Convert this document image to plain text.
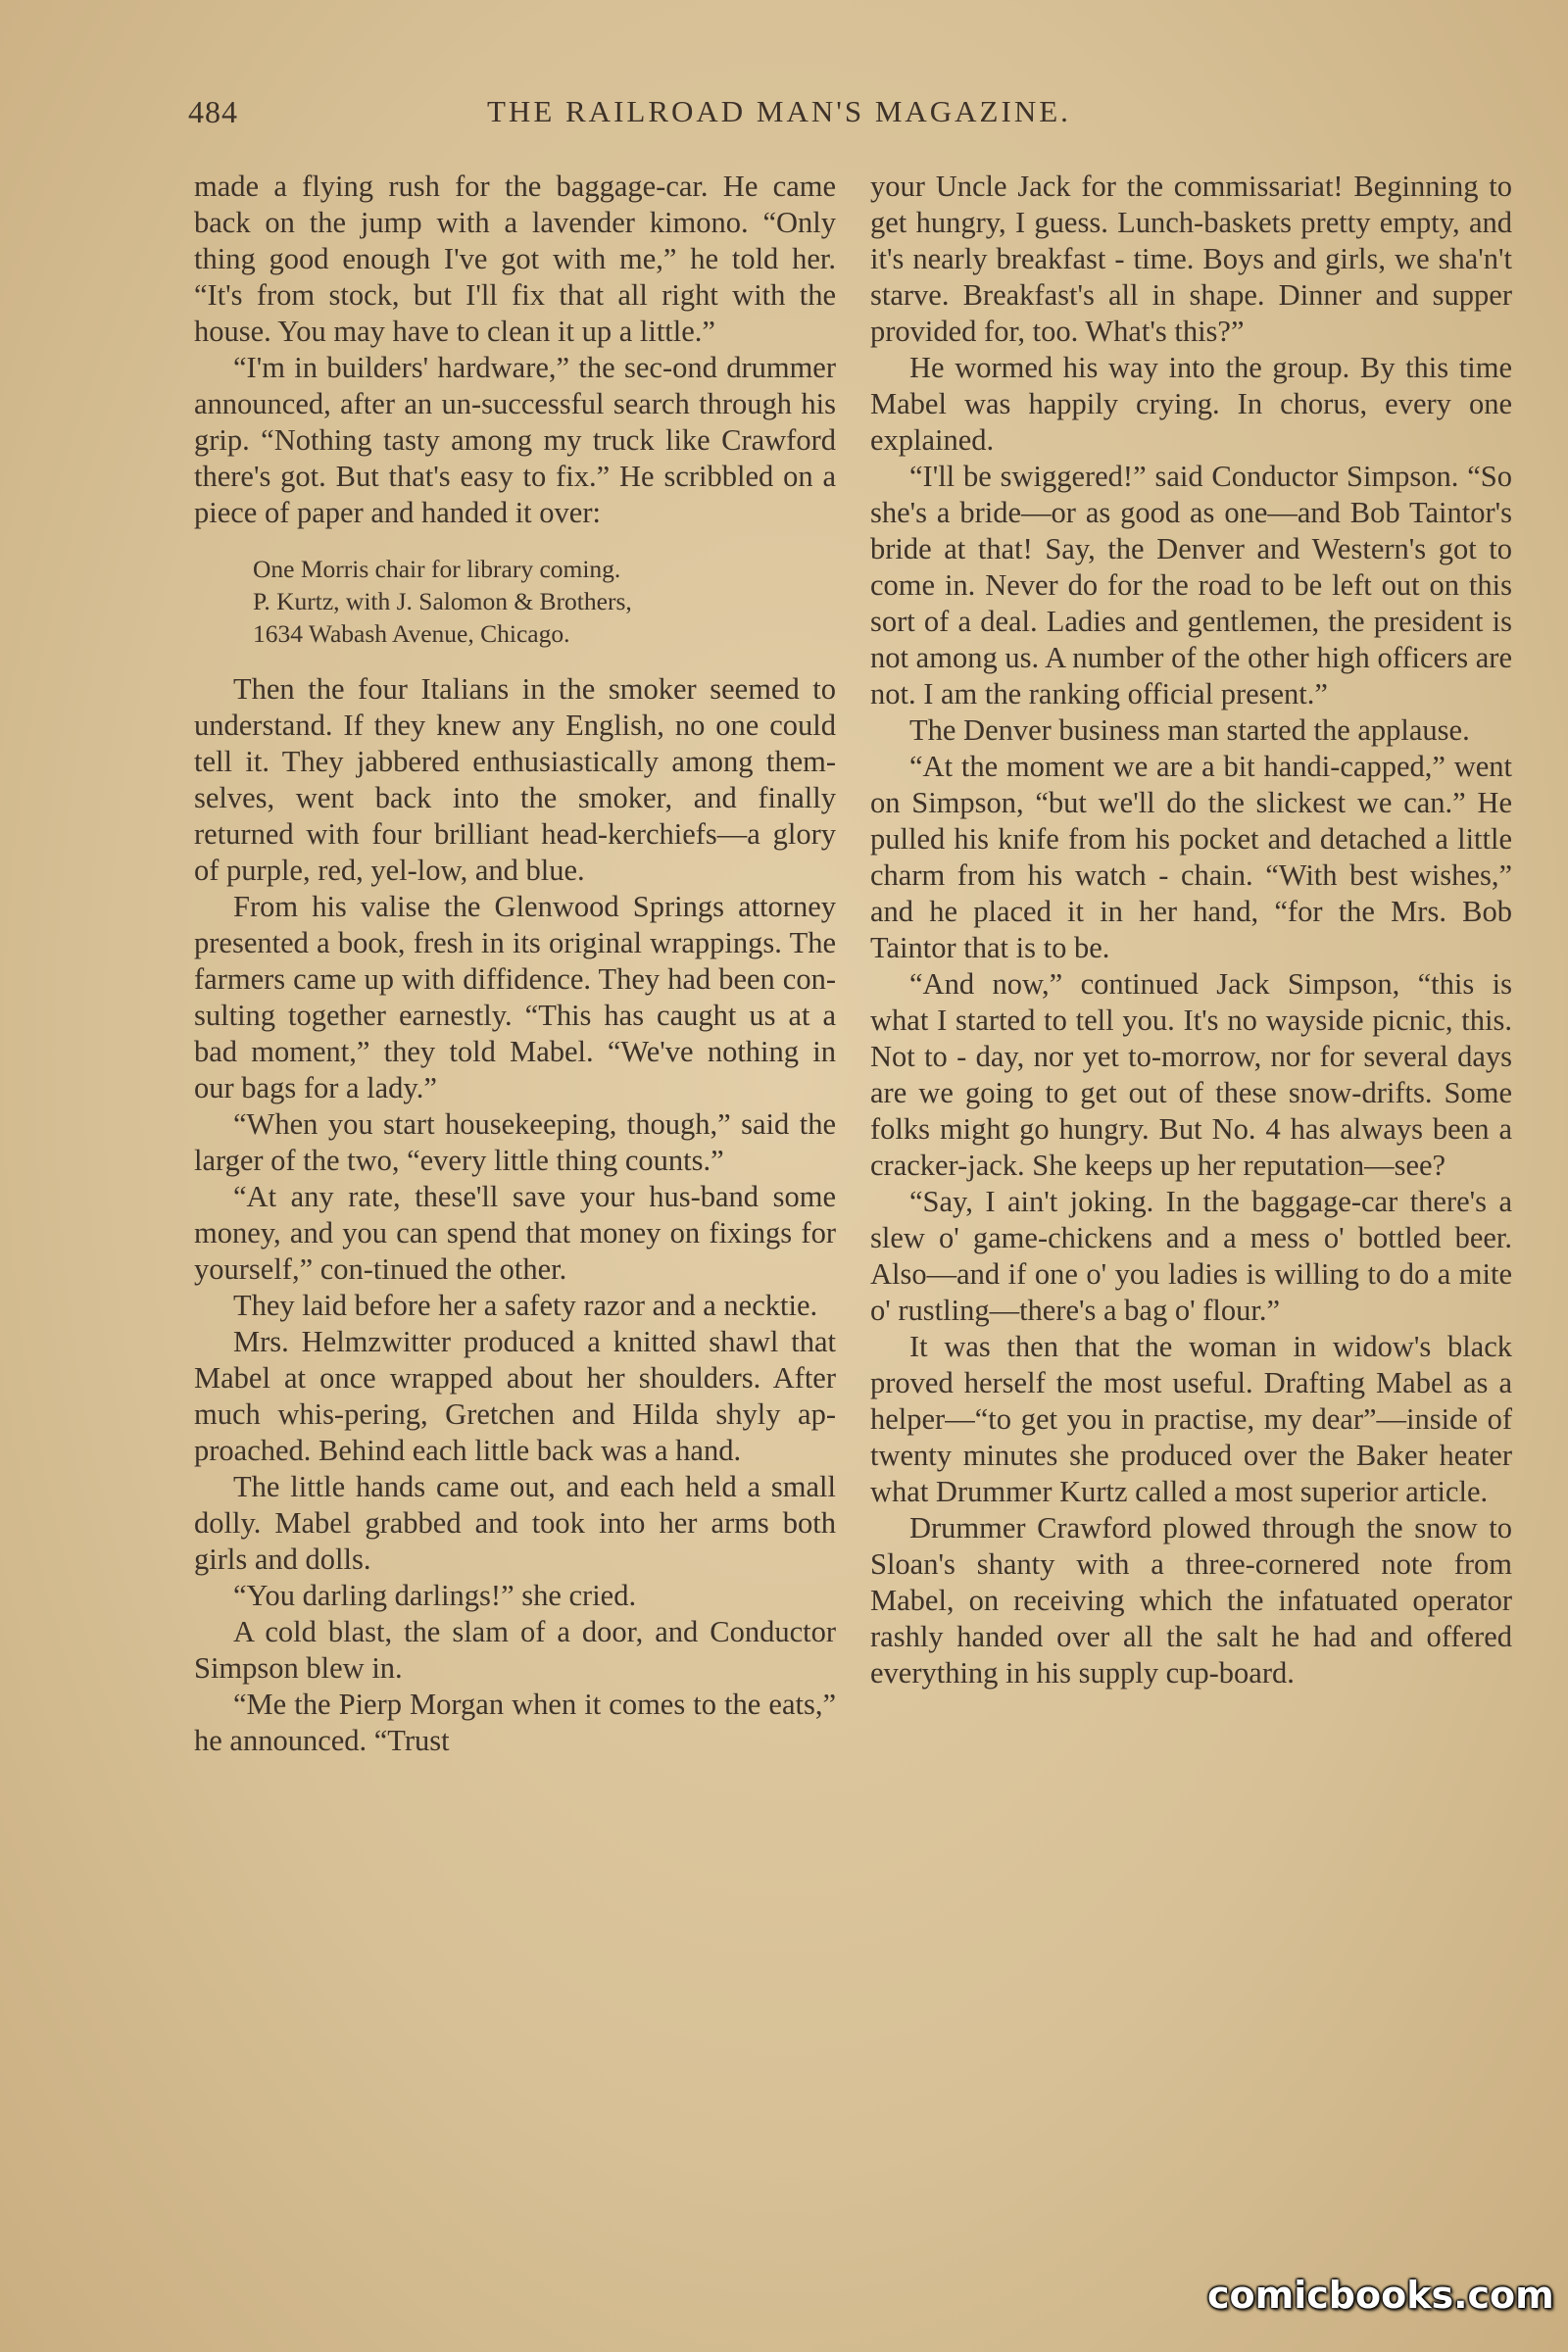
484	THE RAILROAD MAN'S MAGAZINE.

made a flying rush for the baggage-car. He came back on the jump with a lavender kimono. “Only thing good enough I've got with me,” he told her. “It's from stock, but I'll fix that all right with the house. You may have to clean it up a little.”

“I'm in builders' hardware,” the sec-ond drummer announced, after an un-successful search through his grip. “Nothing tasty among my truck like Crawford there's got. But that's easy to fix.” He scribbled on a piece of paper and handed it over:

One Morris chair for library coming.
P. Kurtz, with J. Salomon & Brothers,
1634 Wabash Avenue, Chicago.

Then the four Italians in the smoker seemed to understand. If they knew any English, no one could tell it. They jabbered enthusiastically among them-selves, went back into the smoker, and finally returned with four brilliant head-kerchiefs—a glory of purple, red, yel-low, and blue.

From his valise the Glenwood Springs attorney presented a book, fresh in its original wrappings. The farmers came up with diffidence. They had been con-sulting together earnestly. “This has caught us at a bad moment,” they told Mabel. “We've nothing in our bags for a lady.”

“When you start housekeeping, though,” said the larger of the two, “every little thing counts.”

“At any rate, these'll save your hus-band some money, and you can spend that money on fixings for yourself,” con-tinued the other.

They laid before her a safety razor and a necktie.

Mrs. Helmzwitter produced a knitted shawl that Mabel at once wrapped about her shoulders. After much whis-pering, Gretchen and Hilda shyly ap-proached. Behind each little back was a hand.

The little hands came out, and each held a small dolly. Mabel grabbed and took into her arms both girls and dolls.

“You darling darlings!” she cried.

A cold blast, the slam of a door, and Conductor Simpson blew in.

“Me the Pierp Morgan when it comes to the eats,” he announced. “Trust

your Uncle Jack for the commissariat! Beginning to get hungry, I guess. Lunch-baskets pretty empty, and it's nearly breakfast - time. Boys and girls, we sha'n't starve. Breakfast's all in shape. Dinner and supper provided for, too. What's this?”

He wormed his way into the group. By this time Mabel was happily crying. In chorus, every one explained.

“I'll be swiggered!” said Conductor Simpson. “So she's a bride—or as good as one—and Bob Taintor's bride at that! Say, the Denver and Western's got to come in. Never do for the road to be left out on this sort of a deal. Ladies and gentlemen, the president is not among us. A number of the other high officers are not. I am the ranking official present.”

The Denver business man started the applause.

“At the moment we are a bit handi-capped,” went on Simpson, “but we'll do the slickest we can.” He pulled his knife from his pocket and detached a little charm from his watch - chain. “With best wishes,” and he placed it in her hand, “for the Mrs. Bob Taintor that is to be.

“And now,” continued Jack Simpson, “this is what I started to tell you. It's no wayside picnic, this. Not to - day, nor yet to-morrow, nor for several days are we going to get out of these snow-drifts. Some folks might go hungry. But No. 4 has always been a cracker-jack. She keeps up her reputation—see?

“Say, I ain't joking. In the baggage-car there's a slew o' game-chickens and a mess o' bottled beer. Also—and if one o' you ladies is willing to do a mite o' rustling—there's a bag o' flour.”

It was then that the woman in widow's black proved herself the most useful. Drafting Mabel as a helper—“to get you in practise, my dear”—inside of twenty minutes she produced over the Baker heater what Drummer Kurtz called a most superior article.

Drummer Crawford plowed through the snow to Sloan's shanty with a three-cornered note from Mabel, on receiving which the infatuated operator rashly handed over all the salt he had and offered everything in his supply cup-board.

comicbooks.com
